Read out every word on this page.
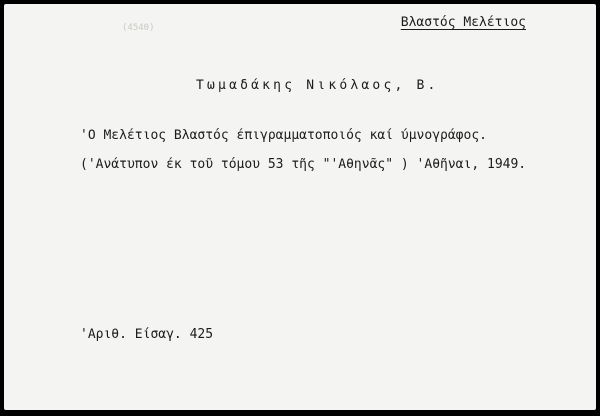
(4540)	Βλαστός Μελέτιος
Τωμαδάκης Νικόλαος, Β.
'Ο Μελέτιος Βλαστός έπιγραμματοποιός καί ύμνογράφος.
('Ανάτυπον έκ τοῦ τόμου 53 τῆς "'Αθηνᾶς" ) 'Αθῆναι, 1949.
'Αριθ. Είσαγ. 425
